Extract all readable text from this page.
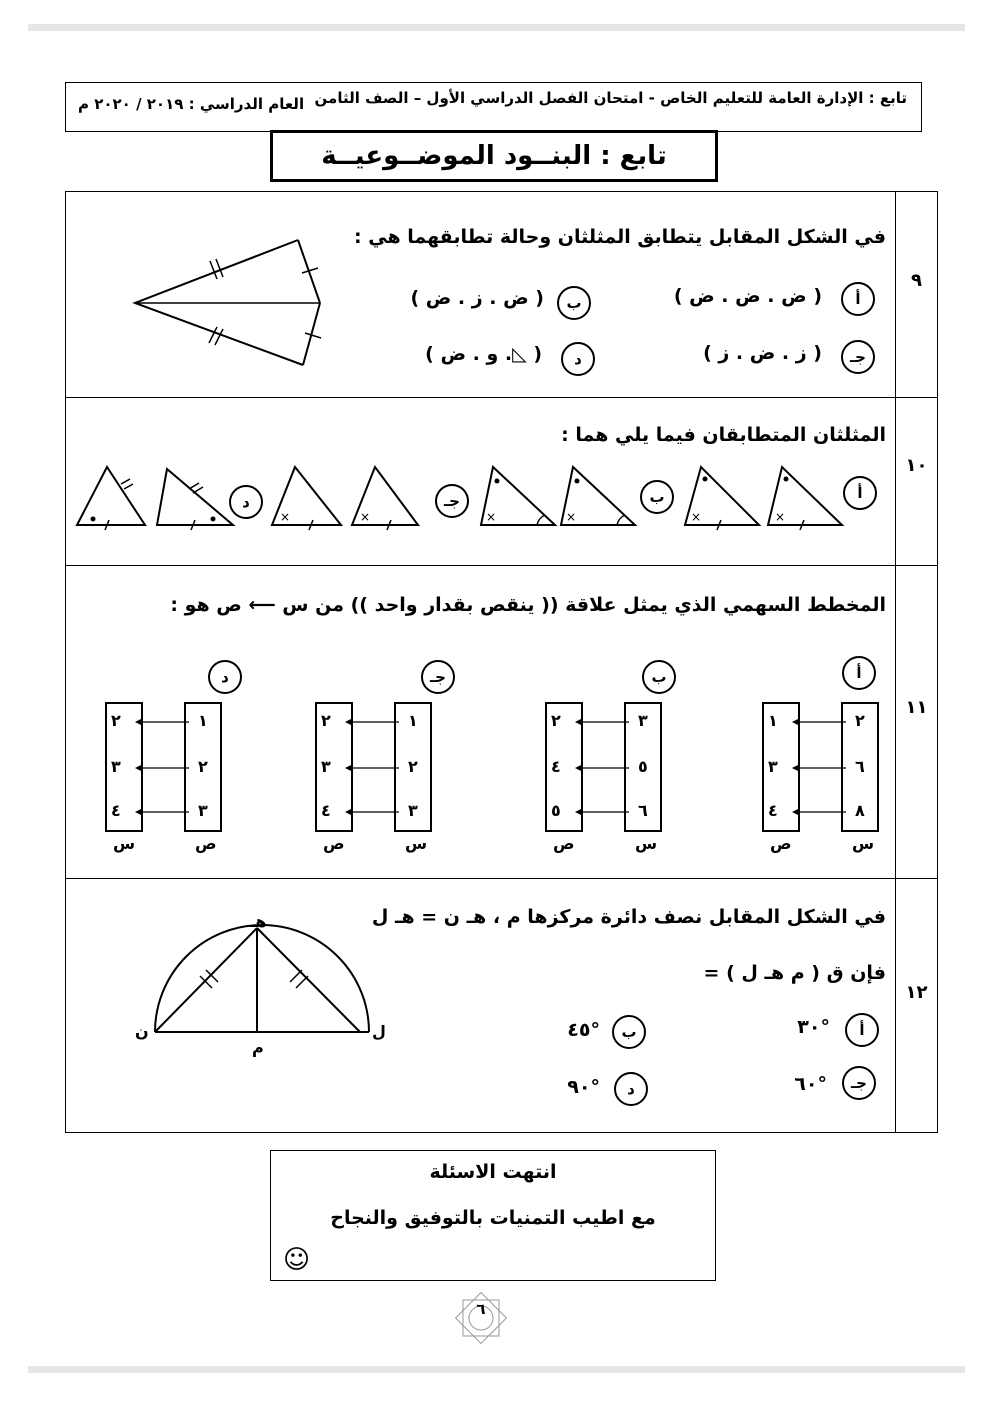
تابع : الإدارة العامة للتعليم الخاص - امتحان الفصل الدراسي الأول – الصف الثامن
العام الدراسي : ٢٠١٩ / ٢٠٢٠ م
تابع : البنــود الموضــوعيــة
٩
في الشكل المقابل يتطابق المثلثان وحالة تطابقهما هي :
أ
( ض . ض . ض )
ب
( ض . ز . ض )
جـ
( ز . ض . ز )
د
( ◺. و . ض )
١٠
المثلثان المتطابقان فيما يلي هما :
×	×	×	×	×	×
أ
ب
جـ
د
١١
المخطط السهمي الذي يمثل علاقة (( ينقص بقدار واحد )) من س ⟵ ص هو :
أ
ب
جـ
د
١
٣
٤
٢
٦
٨
ص	س
٢
٤
٥
٣
٥
٦
ص	س
٢
٣
٤
١
٢
٣
ص	س
٢
٣
٤
١
٢
٣
س	ص
١٢
في الشكل المقابل نصف دائرة مركزها م ، هـ ن = هـ ل
فإن ق ( م هـ ل ) =
هـ
ن	ل
م
أ
°٣٠
ب
°٤٥
جـ
°٦٠
د
°٩٠
انتهت الاسئلة
مع اطيب التمنيات بالتوفيق والنجاح
☺
٦
